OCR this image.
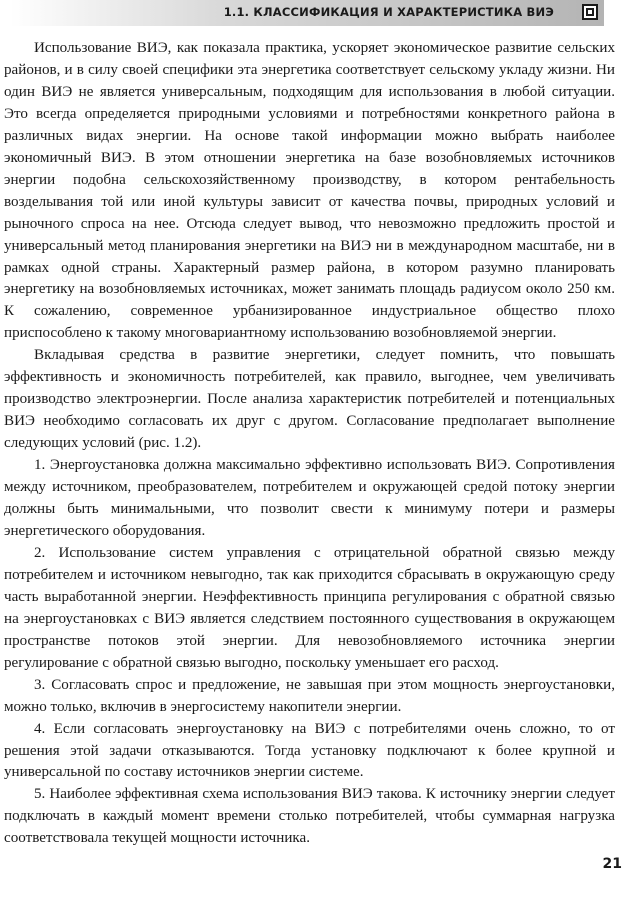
1.1. КЛАССИФИКАЦИЯ И ХАРАКТЕРИСТИКА ВИЭ

Использование ВИЭ, как показала практика, ускоряет экономическое развитие сельских районов, и в силу своей специфики эта энергетика соответствует сельскому укладу жизни. Ни один ВИЭ не является универсальным, подходящим для использования в любой ситуации. Это всегда определяется природными условиями и потребностями конкретного района в различных видах энергии. На основе такой информации можно выбрать наиболее экономичный ВИЭ. В этом отношении энергетика на базе возобновляемых источников энергии подобна сельскохозяйственному производству, в котором рентабельность возделывания той или иной культуры зависит от качества почвы, природных условий и рыночного спроса на нее. Отсюда следует вывод, что невозможно предложить простой и универсальный метод планирования энергетики на ВИЭ ни в международном масштабе, ни в рамках одной страны. Характерный размер района, в котором разумно планировать энергетику на возобновляемых источниках, может занимать площадь радиусом около 250 км. К сожалению, современное урбанизированное индустриальное общество плохо приспособлено к такому многовариантному использованию возобновляемой энергии.

Вкладывая средства в развитие энергетики, следует помнить, что повышать эффективность и экономичность потребителей, как правило, выгоднее, чем увеличивать производство электроэнергии. После анализа характеристик потребителей и потенциальных ВИЭ необходимо согласовать их друг с другом. Согласование предполагает выполнение следующих условий (рис. 1.2).

1. Энергоустановка должна максимально эффективно использовать ВИЭ. Сопротивления между источником, преобразователем, потребителем и окружающей средой потоку энергии должны быть минимальными, что позволит свести к минимуму потери и размеры энергетического оборудования.

2. Использование систем управления с отрицательной обратной связью между потребителем и источником невыгодно, так как приходится сбрасывать в окружающую среду часть выработанной энергии. Неэффективность принципа регулирования с обратной связью на энергоустановках с ВИЭ является следствием постоянного существования в окружающем пространстве потоков этой энергии. Для невозобновляемого источника энергии регулирование с обратной связью выгодно, поскольку уменьшает его расход.

3. Согласовать спрос и предложение, не завышая при этом мощность энергоустановки, можно только, включив в энергосистему накопители энергии.

4. Если согласовать энергоустановку на ВИЭ с потребителями очень сложно, то от решения этой задачи отказываются. Тогда установку подключают к более крупной и универсальной по составу источников энергии системе.

5. Наиболее эффективная схема использования ВИЭ такова. К источнику энергии следует подключать в каждый момент времени столько потребителей, чтобы суммарная нагрузка соответствовала текущей мощности источника.

21
